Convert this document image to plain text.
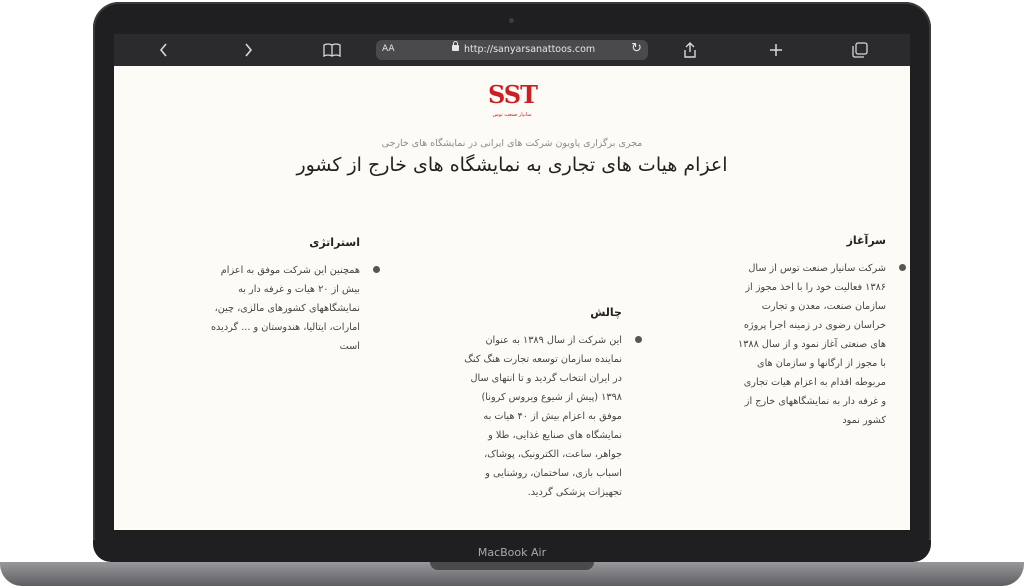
AA	http://sanyarsanattoos.com	↻
SST
سانیار صنعت توس
مجری برگزاری پاویون شرکت های ایرانی در نمایشگاه های خارجی
اعزام هیات های تجاری به نمایشگاه های خارج از کشور
سرآغاز

شرکت سانیار صنعت توس از سال ۱۳۸۶ فعالیت خود را با اخذ مجوز از سازمان صنعت، معدن و تجارت خراسان رضوی در زمینه اجرا پروژه های صنعتی آغاز نمود و از سال ۱۳۸۸ با مجوز از ارگانها و سازمان های مربوطه اقدام به اعزام هیات تجاری و غرفه دار به نمایشگاههای خارج از کشور نمود

چالش

این شرکت از سال ۱۳۸۹ به عنوان نماینده سازمان توسعه تجارت هنگ کنگ در ایران انتخاب گردید و تا انتهای سال ۱۳۹۸ (پیش از شیوع ویروس کرونا) موفق به اعزام بیش از ۴۰ هیات به نمایشگاه های صنایع غذایی، طلا و جواهر، ساعت، الکترونیک، پوشاک، اسباب بازی، ساختمان، روشنایی و تجهیزات پزشکی گردید.

استراتژی

همچنین این شرکت موفق به اعزام بیش از ۲۰ هیات و غرفه دار به نمایشگاههای کشورهای مالزی، چین، امارات، ایتالیا، هندوستان و ... گردیده است

MacBook Air
